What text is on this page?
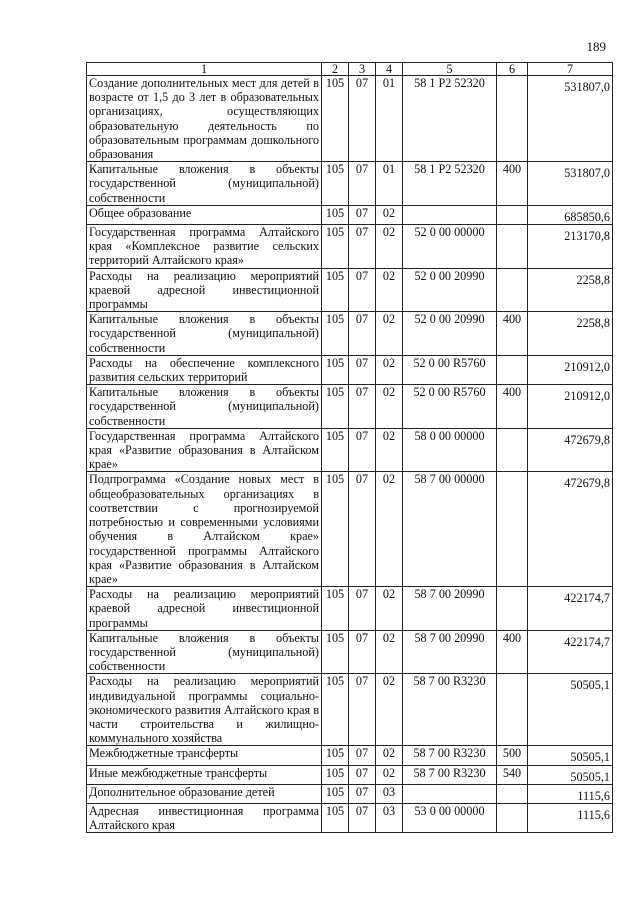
189
1	2	3	4	5	6	7
Создание дополнительных мест для детей в возрасте от 1,5 до 3 лет в образовательных организациях, осуществляющих образовательную деятельность по образовательным программам дошкольного образования	105	07	01	58 1 P2 52320		531807,0
Капитальные вложения в объекты государственной (муниципальной) собственности	105	07	01	58 1 P2 52320	400	531807,0
Общее образование	105	07	02			685850,6
Государственная программа Алтайского края «Комплексное развитие сельских территорий Алтайского края»	105	07	02	52 0 00 00000		213170,8
Расходы на реализацию мероприятий краевой адресной инвестиционной программы	105	07	02	52 0 00 20990		2258,8
Капитальные вложения в объекты государственной (муниципальной) собственности	105	07	02	52 0 00 20990	400	2258,8
Расходы на обеспечение комплексного развития сельских территорий	105	07	02	52 0 00 R5760		210912,0
Капитальные вложения в объекты государственной (муниципальной) собственности	105	07	02	52 0 00 R5760	400	210912,0
Государственная программа Алтайского края «Развитие образования в Алтайском крае»	105	07	02	58 0 00 00000		472679,8
Подпрограмма «Создание новых мест в общеобразовательных организациях в соответствии с прогнозируемой потребностью и современными условиями обучения в Алтайском крае» государственной программы Алтайского края «Развитие образования в Алтайском крае»	105	07	02	58 7 00 00000		472679,8
Расходы на реализацию мероприятий краевой адресной инвестиционной программы	105	07	02	58 7 00 20990		422174,7
Капитальные вложения в объекты государственной (муниципальной) собственности	105	07	02	58 7 00 20990	400	422174,7
Расходы на реализацию мероприятий индивидуальной программы социально-экономического развития Алтайского края в части строительства и жилищно-коммунального хозяйства	105	07	02	58 7 00 R3230		50505,1
Межбюджетные трансферты	105	07	02	58 7 00 R3230	500	50505,1
Иные межбюджетные трансферты	105	07	02	58 7 00 R3230	540	50505,1
Дополнительное образование детей	105	07	03			1115,6
Адресная инвестиционная программа Алтайского края	105	07	03	53 0 00 00000		1115,6
